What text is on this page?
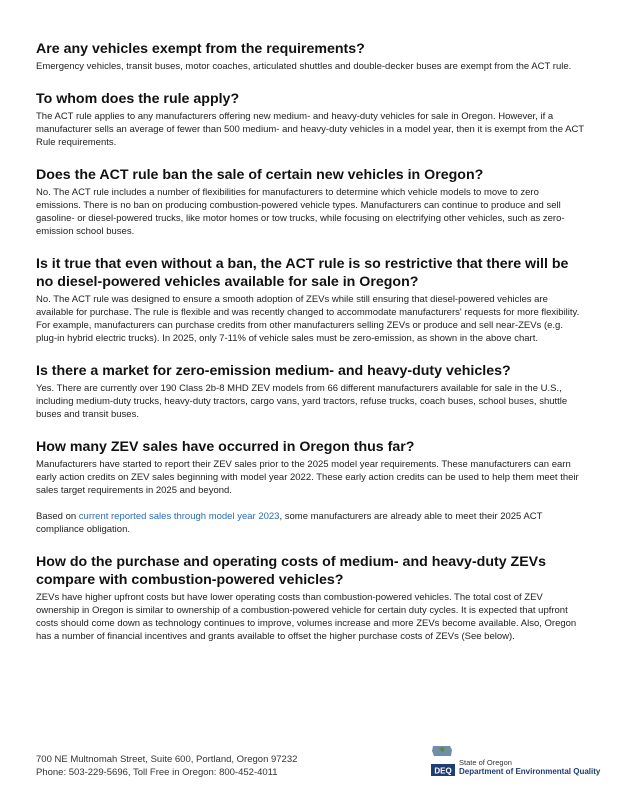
Are any vehicles exempt from the requirements?

Emergency vehicles, transit buses, motor coaches, articulated shuttles and double-decker buses are exempt from the ACT rule.

To whom does the rule apply?

The ACT rule applies to any manufacturers offering new medium- and heavy-duty vehicles for sale in Oregon. However, if a manufacturer sells an average of fewer than 500 medium- and heavy-duty vehicles in a model year, then it is exempt from the ACT Rule requirements.

Does the ACT rule ban the sale of certain new vehicles in Oregon?

No. The ACT rule includes a number of flexibilities for manufacturers to determine which vehicle models to move to zero emissions. There is no ban on producing combustion-powered vehicle types. Manufacturers can continue to produce and sell gasoline- or diesel-powered trucks, like motor homes or tow trucks, while focusing on electrifying other vehicles, such as zero-emission school buses.

Is it true that even without a ban, the ACT rule is so restrictive that there will be no diesel-powered vehicles available for sale in Oregon?

No. The ACT rule was designed to ensure a smooth adoption of ZEVs while still ensuring that diesel-powered vehicles are available for purchase. The rule is flexible and was recently changed to accommodate manufacturers' requests for more flexibility. For example, manufacturers can purchase credits from other manufacturers selling ZEVs or produce and sell near-ZEVs (e.g. plug-in hybrid electric trucks). In 2025, only 7-11% of vehicle sales must be zero-emission, as shown in the above chart.

Is there a market for zero-emission medium- and heavy-duty vehicles?

Yes. There are currently over 190 Class 2b-8 MHD ZEV models from 66 different manufacturers available for sale in the U.S., including medium-duty trucks, heavy-duty tractors, cargo vans, yard tractors, refuse trucks, coach buses, school buses, shuttle buses and transit buses.

How many ZEV sales have occurred in Oregon thus far?

Manufacturers have started to report their ZEV sales prior to the 2025 model year requirements. These manufacturers can earn early action credits on ZEV sales beginning with model year 2022. These early action credits can be used to help them meet their sales target requirements in 2025 and beyond.

Based on current reported sales through model year 2023, some manufacturers are already able to meet their 2025 ACT compliance obligation.

How do the purchase and operating costs of medium- and heavy-duty ZEVs compare with combustion-powered vehicles?

ZEVs have higher upfront costs but have lower operating costs than combustion-powered vehicles. The total cost of ZEV ownership in Oregon is similar to ownership of a combustion-powered vehicle for certain duty cycles. It is expected that upfront costs should come down as technology continues to improve, volumes increase and more ZEVs become available. Also, Oregon has a number of financial incentives and grants available to offset the higher purchase costs of ZEVs (See below).

700 NE Multnomah Street, Suite 600, Portland, Oregon 97232
Phone: 503-229-5696, Toll Free in Oregon: 800-452-4011	DEQ
State of Oregon
Department of Environmental Quality
